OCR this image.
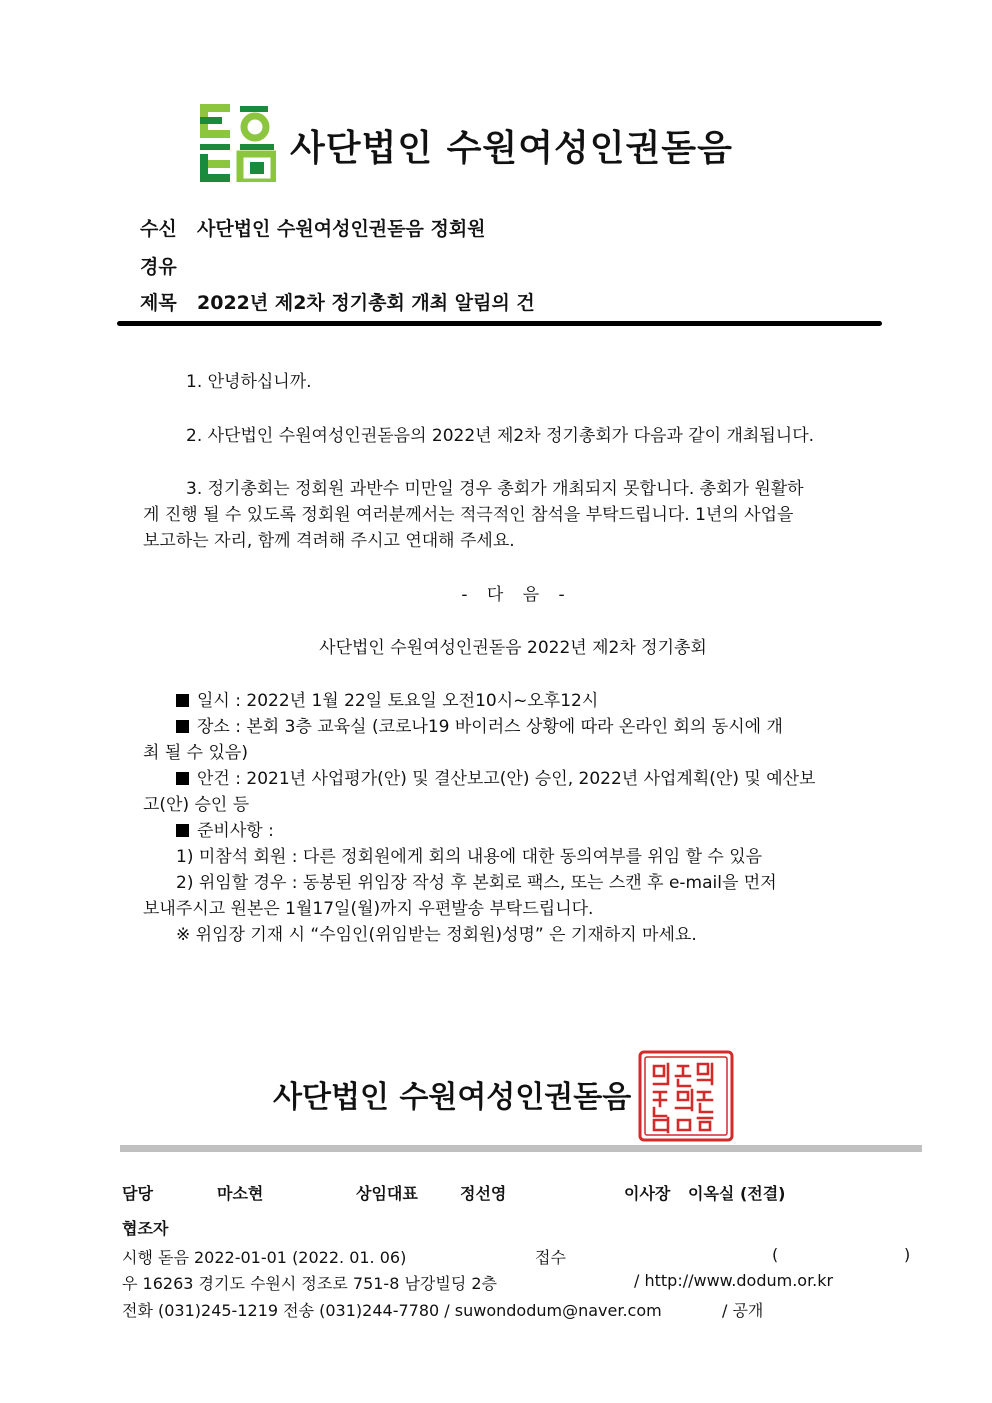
사단법인 수원여성인권돋음
수신 사단법인 수원여성인권돋음 정회원
경유
제목 2022년 제2차 정기총회 개최 알림의 건
1. 안녕하십니까.
2. 사단법인 수원여성인권돋음의 2022년 제2차 정기총회가 다음과 같이 개최됩니다.

3. 정기총회는 정회원 과반수 미만일 경우 총회가 개최되지 못합니다. 총회가 원활하

게 진행 될 수 있도록 정회원 여러분께서는 적극적인 참석을 부탁드립니다. 1년의 사업을

보고하는 자리, 함께 격려해 주시고 연대해 주세요.

- 다 음 -
사단법인 수원여성인권돋음 2022년 제2차 정기총회

일시 : 2022년 1월 22일 토요일 오전10시~오후12시

장소 : 본회 3층 교육실 (코로나19 바이러스 상황에 따라 온라인 회의 동시에 개

최 될 수 있음)

안건 : 2021년 사업평가(안) 및 결산보고(안) 승인, 2022년 사업계획(안) 및 예산보

고(안) 승인 등

준비사항 :

1) 미참석 회원 : 다른 정회원에게 회의 내용에 대한 동의여부를 위임 할 수 있음

2) 위임할 경우 : 동봉된 위임장 작성 후 본회로 팩스, 또는 스캔 후 e-mail을 먼저

보내주시고 원본은 1월17일(월)까지 우편발송 부탁드립니다.

※ 위임장 기재 시 “수임인(위임받는 정회원)성명” 은 기재하지 마세요.

사단법인 수원여성인권돋음
담당	마소현	상임대표	정선영	이사장 이옥실 (전결)
협조자
시행 돋음 2022-01-01 (2022. 01. 06)	접수	(	)
우 16263 경기도 수원시 정조로 751-8 남강빌딩 2층	/ http://www.dodum.or.kr
전화 (031)245-1219 전송 (031)244-7780 / suwondodum@naver.com	/ 공개
